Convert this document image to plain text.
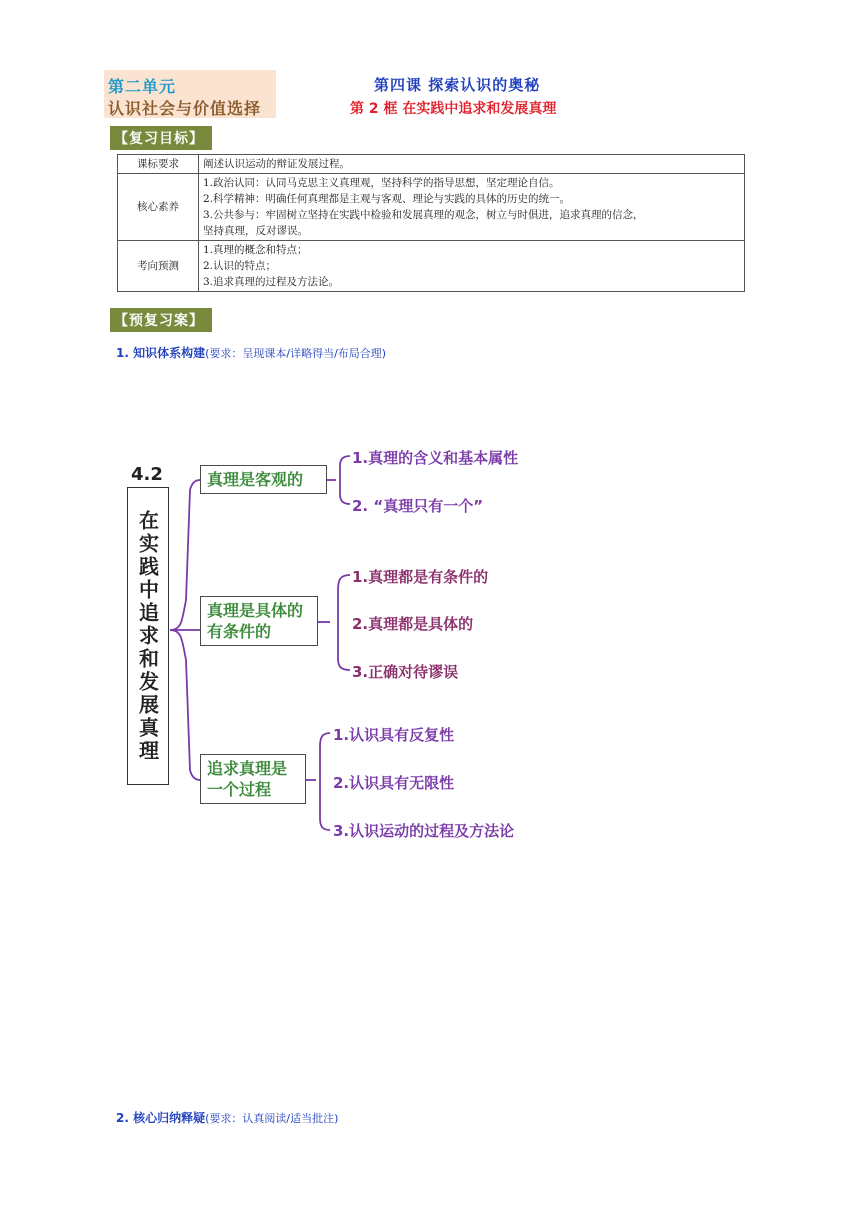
第二单元
认识社会与价值选择
第四课 探索认识的奥秘
第 2 框 在实践中追求和发展真理
【复习目标】
课标要求	阐述认识运动的辩证发展过程。

核心素养	1.政治认同：认同马克思主义真理观，坚持科学的指导思想，坚定理论自信。
2.科学精神：明确任何真理都是主观与客观、理论与实践的具体的历史的统一。
3.公共参与：牢固树立坚持在实践中检验和发展真理的观念，树立与时俱进，追求真理的信念，
坚持真理，反对谬误。

考向预测	1.真理的概念和特点；
2.认识的特点；
3.追求真理的过程及方法论。
【预复习案】
1. 知识体系构建(要求：呈现课本/详略得当/布局合理)
4.2
在实践中追求和发展真理
真理是客观的
真理是具体的有条件的
追求真理是一个过程
1.真理的含义和基本属性
2. “真理只有一个”
1.真理都是有条件的
2.真理都是具体的
3.正确对待谬误
1.认识具有反复性
2.认识具有无限性
3.认识运动的过程及方法论
2. 核心归纳释疑(要求：认真阅读/适当批注)
